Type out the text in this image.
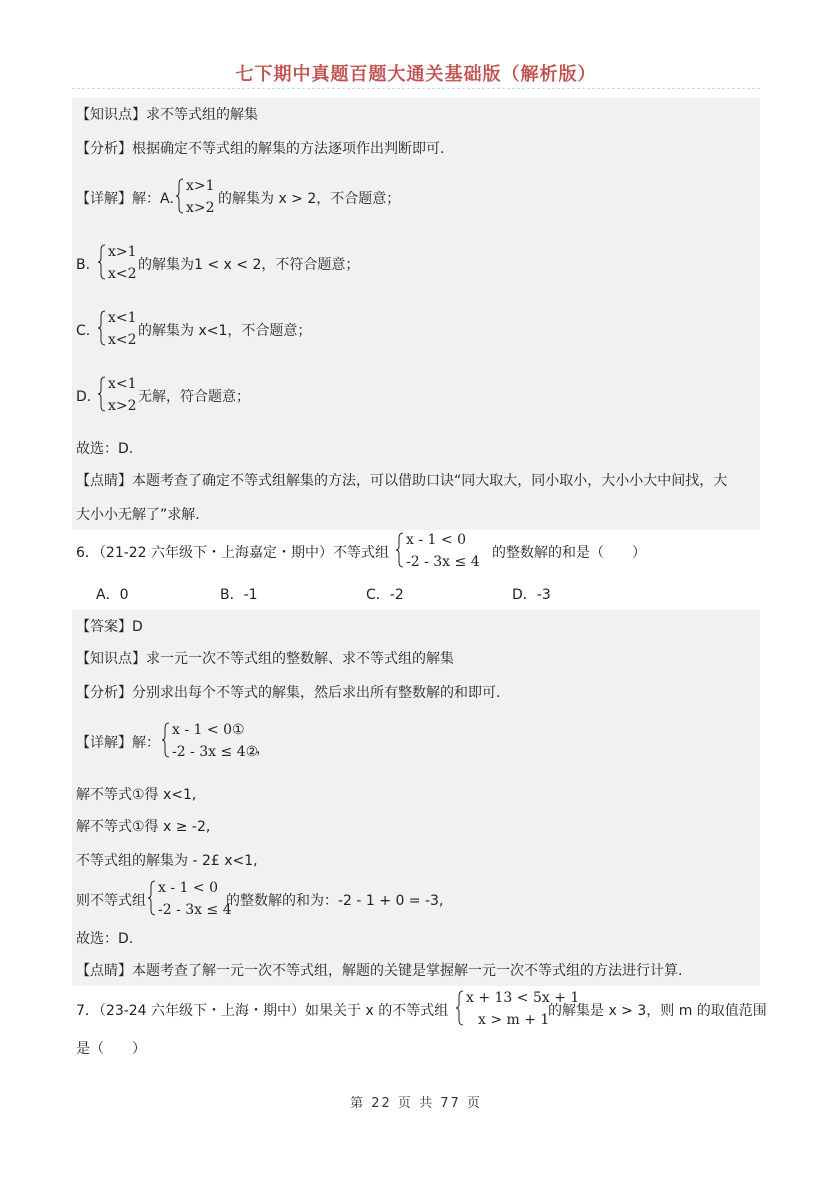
七下期中真题百题大通关基础版（解析版）
【知识点】求不等式组的解集
【分析】根据确定不等式组的解集的方法逐项作出判断即可.
【详解】解：A.
x>1
x>2
的解集为 x > 2，不合题意；
B.
x>1
x<2
的解集为1 < x < 2，不符合题意；
C.
x<1
x<2
的解集为 x<1，不合题意；
D.
x<1
x>2
无解，符合题意；
故选：D.
【点睛】本题考查了确定不等式组解集的方法，可以借助口诀“同大取大，同小取小，大小小大中间找，大
大小小无解了”求解.
6．（21-22 六年级下・上海嘉定・期中）不等式组
x - 1 < 0
-2 - 3x ≤ 4
的整数解的和是（　　）
A．0	B．-1	C．-2	D．-3
【答案】D
【知识点】求一元一次不等式组的整数解、求不等式组的解集
【分析】分别求出每个不等式的解集，然后求出所有整数解的和即可.
【详解】解：
x - 1 < 0①
-2 - 3x ≤ 4②
，
解不等式①得 x<1,
解不等式①得 x ≥ -2,
不等式组的解集为 - 2£ x<1,
则不等式组
x - 1 < 0
-2 - 3x ≤ 4
的整数解的和为：-2 - 1 + 0 = -3,
故选：D.
【点睛】本题考查了解一元一次不等式组，解题的关键是掌握解一元一次不等式组的方法进行计算.
7．（23-24 六年级下・上海・期中）如果关于 x 的不等式组
x + 13 < 5x + 1
x > m + 1
的解集是 x > 3，则 m 的取值范围
是（　　）
第 22 页 共 77 页
